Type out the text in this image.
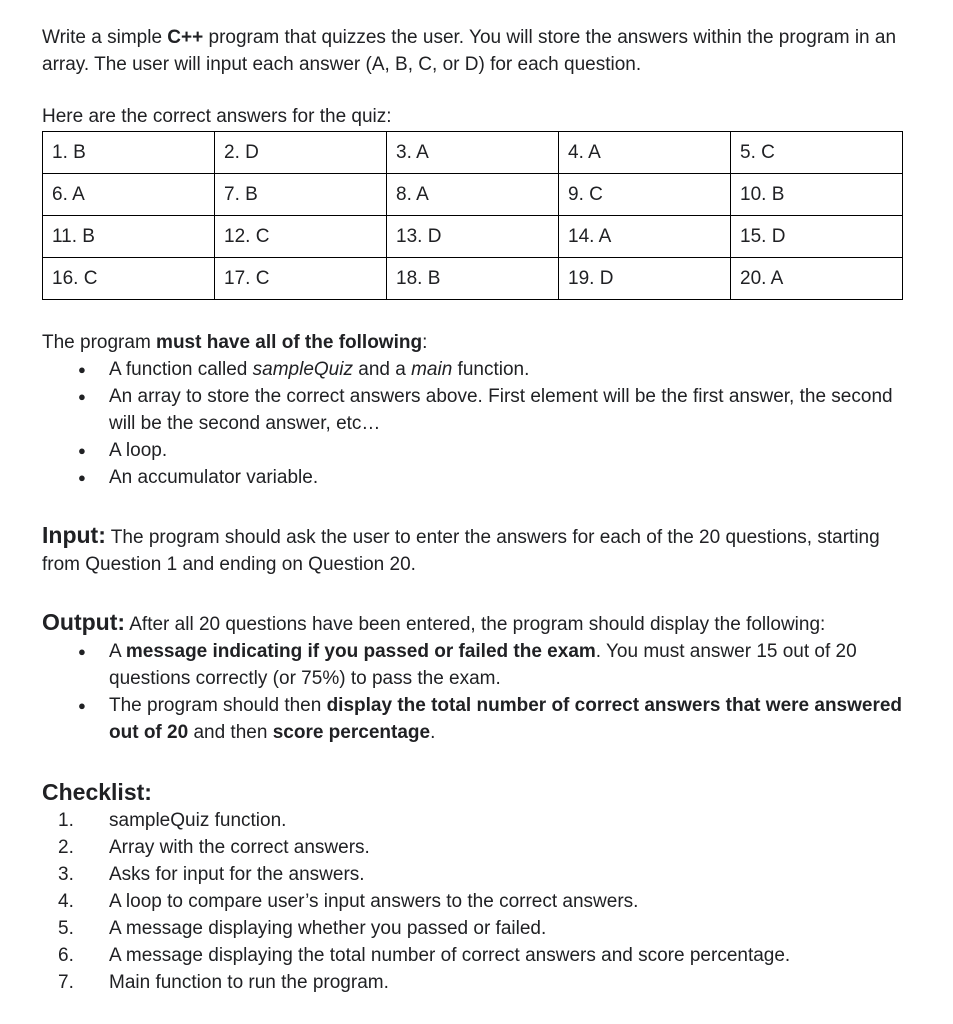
Write a simple C++ program that quizzes the user. You will store the answers within the program in an array. The user will input each answer (A, B, C, or D) for each question.

Here are the correct answers for the quiz:

1. B	2. D	3. A	4. A	5. C
6. A	7. B	8. A	9. C	10. B
11. B	12. C	13. D	14. A	15. D
16. C	17. C	18. B	19. D	20. A

The program must have all of the following:

● A function called sampleQuiz and a main function.
● An array to store the correct answers above. First element will be the first answer, the second will be the second answer, etc…
● A loop.
● An accumulator variable.

Input: The program should ask the user to enter the answers for each of the 20 questions, starting from Question 1 and ending on Question 20.

Output: After all 20 questions have been entered, the program should display the following:

● A message indicating if you passed or failed the exam. You must answer 15 out of 20 questions correctly (or 75%) to pass the exam.
● The program should then display the total number of correct answers that were answered out of 20 and then score percentage.

Checklist:

1. sampleQuiz function.
2. Array with the correct answers.
3. Asks for input for the answers.
4. A loop to compare user’s input answers to the correct answers.
5. A message displaying whether you passed or failed.
6. A message displaying the total number of correct answers and score percentage.
7. Main function to run the program.
